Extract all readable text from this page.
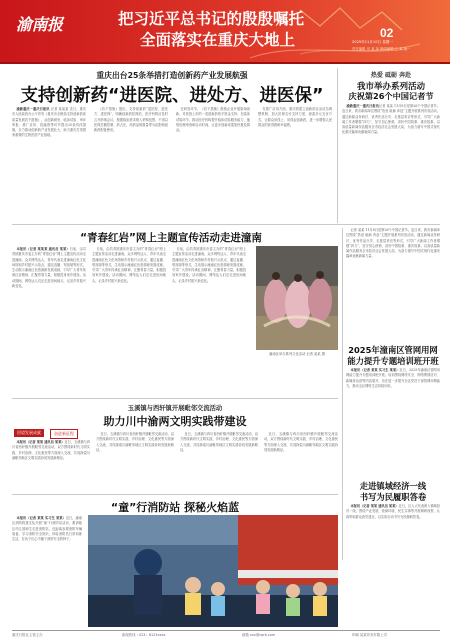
渝南报	把习近平总书记的殷殷嘱托
全面落实在重庆大地上	02
2025年11月10日 星期一
责任编辑 甲 某 某 版面编辑 乙 某 某
重庆出台25条举措打造创新药产业发展航强
支持创新药“进医院、进处方、进医保”

渝新重庆一重庆日报讯 记者 某某某 近日，重庆市人民政府办公厅印发《重庆市全链条支持创新药高质量发展若干措施》，从创新研发、临床试验、审评审批、推广应用、投融资等环节提出25条具体措施，全力推动创新药产业发展壮大，助力重庆打造国家重要的生物医药产业基地。

《若干措施》提出，支持创新药“进医院、进处方、进医保”，明确创新药挂网后，医疗机构应及时召开药事会议，根据临床需求纳入采购范围，不得以医保总额控制、药占比、用药品规数量等为由影响创新药配备使用。

在研发环节，《若干措施》鼓励企业开展原始创新，对获批上市的一类创新药给予资金支持；在临床试验环节，推动医疗机构提升临床试验服务能力，缩短伦理审查和启动时间，让更多创新成果加快惠及群众。

在推广应用方面，重庆将建立创新药目录动态调整机制，加大医保支付支持力度，探索多元支付方式，让群众用得上、用得起创新药，进一步增强人民群众的获得感和幸福感。

热爱 砥砺 奔赴
我市举办系列活动
庆祝第26个中国记者节

渝新重庆一重庆日报讯记者 某某 11月8日是第26个中国记者节。连日来，我市新闻单位围绕“热爱 砥砺 奔赴”主题开展系列庆祝活动，通过新闻业务研讨、优秀作品分享、走基层采访等形式，引导广大新闻工作者增强“四力”，坚守初心使命，讲好中国故事、重庆故事，以高质量新闻作品服务全市经济社会发展大局，为奋力谱写中国式现代化重庆篇章贡献新闻力量。

“青春红岩”网上主题宣传活动走进潼南

本报讯（记者 某某某 通讯员 某某）日前，由共青团重庆市委主办的“青春红岩”网上主题宣传活动走进潼南，众多网络达人、青年代表走进潼南红色文化场馆和乡村振兴示范点，通过直播、短视频等形式，生动展示潼南红色资源和发展成就，引导广大青年传承红岩精神，汇聚青春力量，积极投身家乡建设。活动期间，网络达人们还走进田间地头，记录乡村振兴新变化。

日前，由共青团重庆市委主办的“青春红岩”网上主题宣传活动走进潼南，众多网络达人、青年代表走进潼南红色文化场馆和乡村振兴示范点，通过直播、短视频等形式，生动展示潼南红色资源和发展成就，引导广大青年传承红岩精神，汇聚青春力量，积极投身家乡建设。活动期间，网络达人们还走进田间地头，记录乡村振兴新变化。

日前，由共青团重庆市委主办的“青春红岩”网上主题宣传活动走进潼南，众多网络达人、青年代表走进潼南红色文化场馆和乡村振兴示范点，通过直播、短视频等形式，生动展示潼南红色资源和发展成就，引导广大青年传承红岩精神，汇聚青春力量，积极投身家乡建设。活动期间，网络达人们还走进田间地头，记录乡村振兴新变化。

潼南区举办系列文化活动 记者 某某 摄	2025年潼南区管网用网
能力提升专题培训班开班

本报讯（记者 某某 实习生 某某）近日，2025年潼南区管网用网能力提升专题培训班开班。培训围绕网络安全、网络舆情应对、新媒体运营等内容展开，旨在进一步提升全区党员干部管网用网能力，推动全区网络生态持续向好。

记者 某某 11月8日是第26个中国记者节。连日来，我市新闻单位围绕“热爱 砥砺 奔赴”主题开展系列庆祝活动，通过新闻业务研讨、优秀作品分享、走基层采访等形式，引导广大新闻工作者增强“四力”，坚守初心使命，讲好中国故事、重庆故事，以高质量新闻作品服务全市经济社会发展大局，为奋力谱写中国式现代化重庆篇章贡献新闻力量。

玉溪镇与西轩镇开展毗邻交流活动
助力川中渝两文明实践带建设
回望发展成就	奋进新征程

本报讯（记者 某某 通讯员 某某）近日，玉溪镇与四川省西轩镇开展毗邻交流活动，双方围绕新时代文明实践、乡村治理、文化惠民等方面深入交流，共同探索川渝毗邻地区文明实践协同发展新路径。

近日，玉溪镇与四川省西轩镇开展毗邻交流活动，双方围绕新时代文明实践、乡村治理、文化惠民等方面深入交流，共同探索川渝毗邻地区文明实践协同发展新路径。

近日，玉溪镇与四川省西轩镇开展毗邻交流活动，双方围绕新时代文明实践、乡村治理、文化惠民等方面深入交流，共同探索川渝毗邻地区文明实践协同发展新路径。

近日，玉溪镇与四川省西轩镇开展毗邻交流活动，双方围绕新时代文明实践、乡村治理、文化惠民等方面深入交流，共同探索川渝毗邻地区文明实践协同发展新路径。

“童”行消防站 探秘火焰蓝

本报讯（记者 某某 实习生 某某）近日，潼南区消防救援支队开展“童”行消防站活动，邀请辖区幼儿园师生走进消防站，近距离参观消防车辆装备，学习消防安全知识，体验消防员日常训练生活，在孩子们心中播下消防安全的种子。

走进镇域经济一线
书写为民履职答卷

本报讯（记者 某某 通讯员 某某）近日，区人大代表深入镇域经济一线，围绕产业发展、营商环境、民生实事等开展调研视察，认真听取群众意见建议，以实际行动书写为民履职答卷。

重庆日报社主管主办	新闻热线（023）8123xxxx	邮箱 xxx@cqrb.com	印刷 某某印务有限公司
